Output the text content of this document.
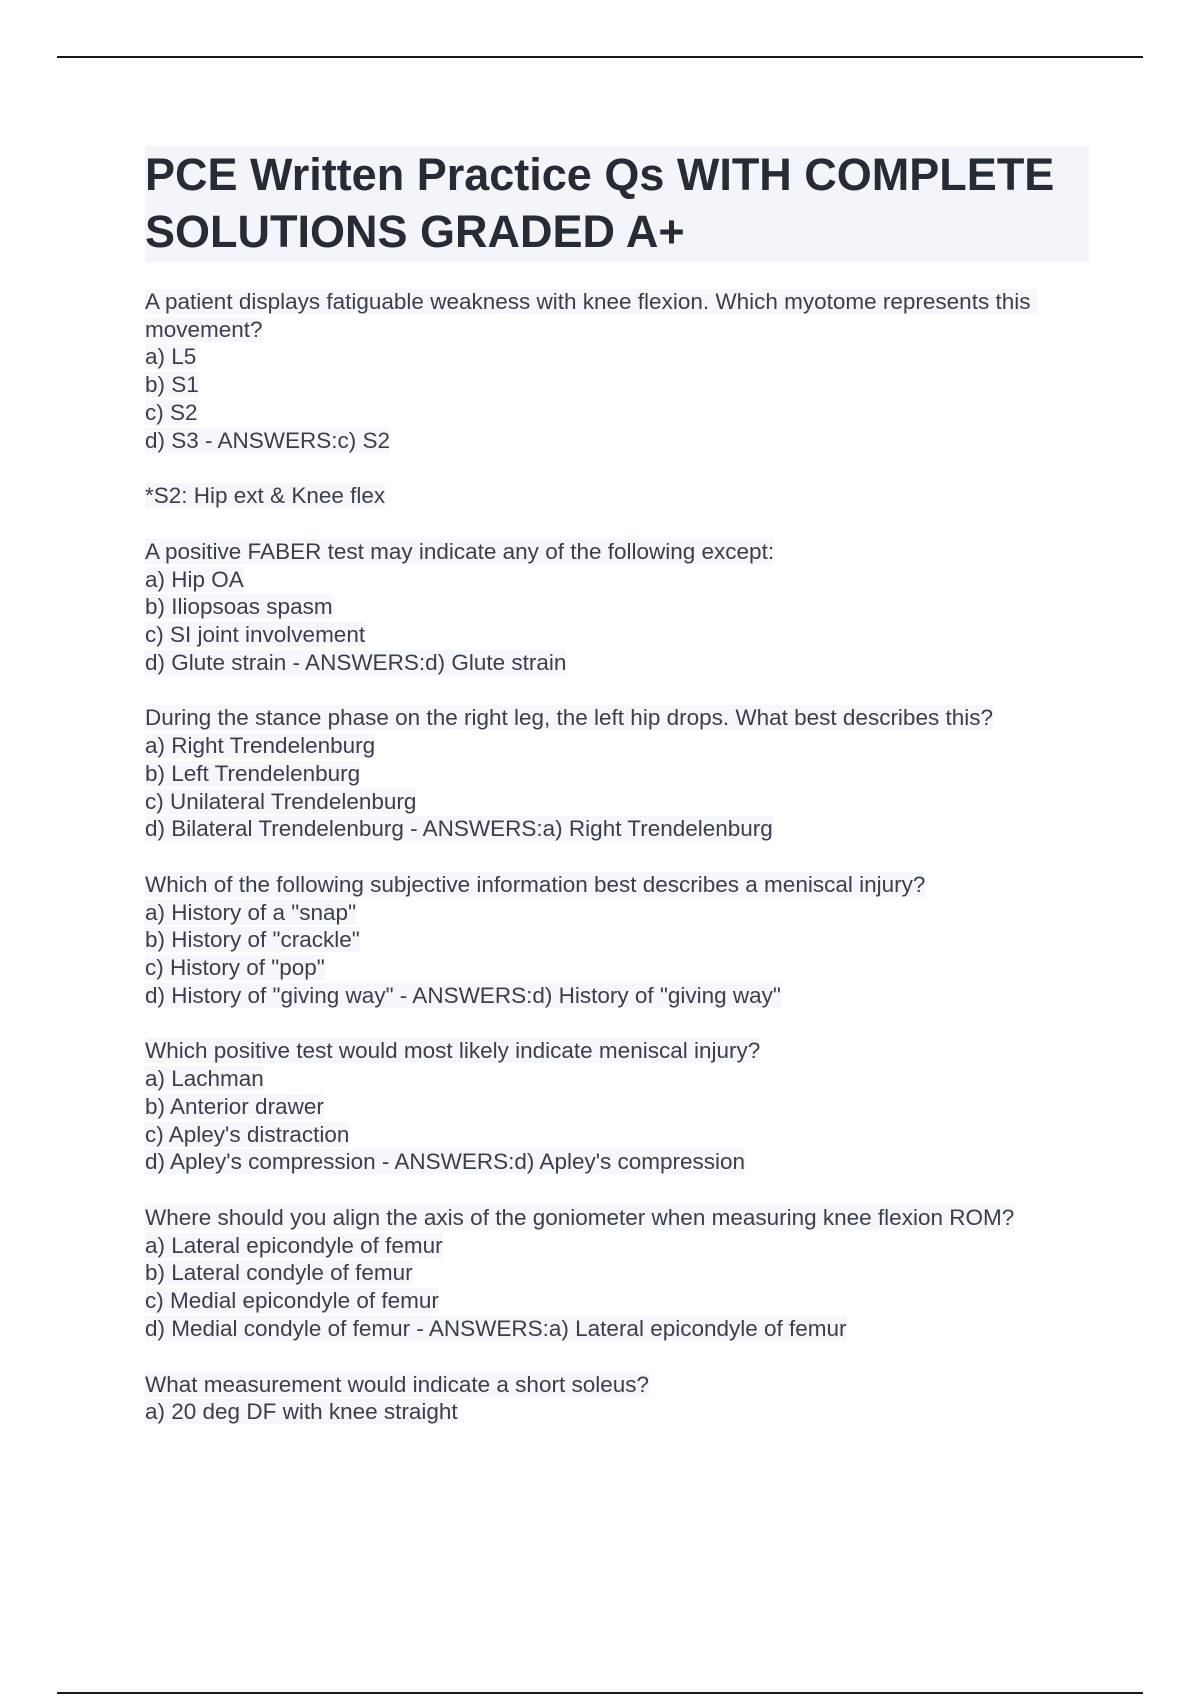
PCE Written Practice Qs WITH COMPLETE SOLUTIONS GRADED A+
A patient displays fatiguable weakness with knee flexion. Which myotome represents this movement?
a) L5
b) S1
c) S2
d) S3 - ANSWERS:c) S2
*S2: Hip ext & Knee flex
A positive FABER test may indicate any of the following except:
a) Hip OA
b) Iliopsoas spasm
c) SI joint involvement
d) Glute strain - ANSWERS:d) Glute strain
During the stance phase on the right leg, the left hip drops. What best describes this?
a) Right Trendelenburg
b) Left Trendelenburg
c) Unilateral Trendelenburg
d) Bilateral Trendelenburg - ANSWERS:a) Right Trendelenburg
Which of the following subjective information best describes a meniscal injury?
a) History of a "snap"
b) History of "crackle"
c) History of "pop"
d) History of "giving way" - ANSWERS:d) History of "giving way"
Which positive test would most likely indicate meniscal injury?
a) Lachman
b) Anterior drawer
c) Apley's distraction
d) Apley's compression - ANSWERS:d) Apley's compression
Where should you align the axis of the goniometer when measuring knee flexion ROM?
a) Lateral epicondyle of femur
b) Lateral condyle of femur
c) Medial epicondyle of femur
d) Medial condyle of femur - ANSWERS:a) Lateral epicondyle of femur
What measurement would indicate a short soleus?
a) 20 deg DF with knee straight
